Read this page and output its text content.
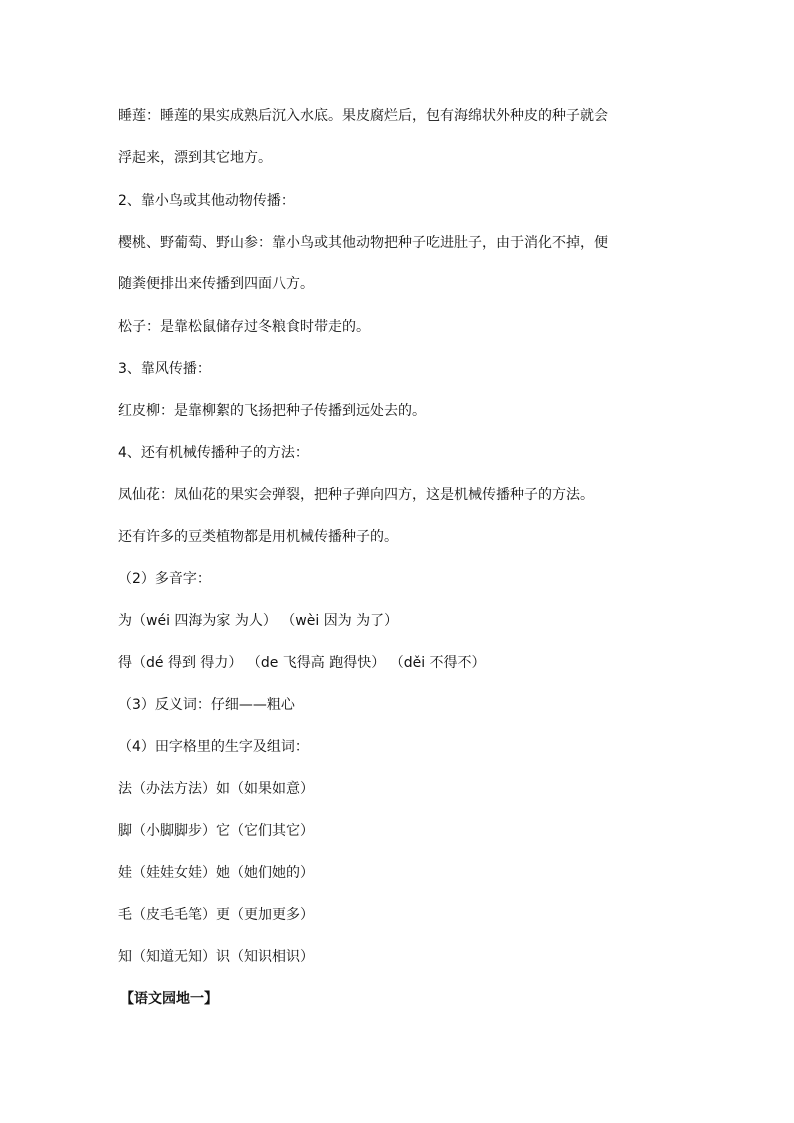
睡莲：睡莲的果实成熟后沉入水底。果皮腐烂后，包有海绵状外种皮的种子就会

浮起来，漂到其它地方。

2、靠小鸟或其他动物传播：

樱桃、野葡萄、野山参：靠小鸟或其他动物把种子吃进肚子，由于消化不掉，便

随粪便排出来传播到四面八方。

松子：是靠松鼠储存过冬粮食时带走的。

3、靠风传播：

红皮柳：是靠柳絮的飞扬把种子传播到远处去的。

4、还有机械传播种子的方法：

凤仙花：凤仙花的果实会弹裂，把种子弹向四方，这是机械传播种子的方法。

还有许多的豆类植物都是用机械传播种子的。

（2）多音字：

为（wéi 四海为家 为人） （wèi 因为 为了）

得（dé 得到 得力） （de 飞得高 跑得快） （děi 不得不）

（3）反义词：仔细——粗心

（4）田字格里的生字及组词：

法（办法方法）如（如果如意）

脚（小脚脚步）它（它们其它）

娃（娃娃女娃）她（她们她的）

毛（皮毛毛笔）更（更加更多）

知（知道无知）识（知识相识）

【语文园地一】
